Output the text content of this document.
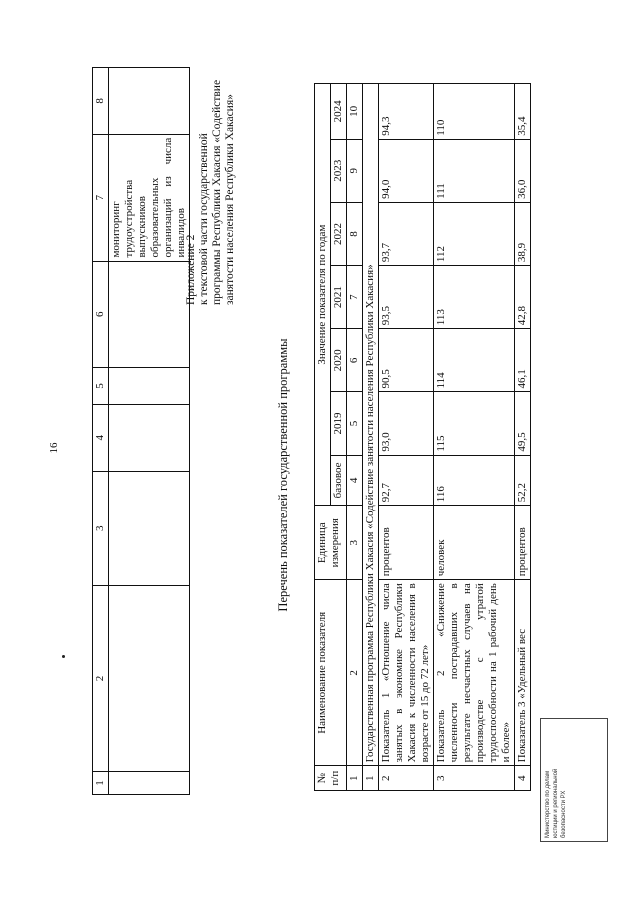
16
1	2	3	4	5	6	7	8
						мониторинг трудоустройства выпускников образовательных организаций из числа инвалидов	
Приложение 2 к текстовой части государственной программы Республики Хакасия «Содействие занятости населения Республики Хакасия»
Перечень показателей государственной программы
№ п/п	Наименование показателя	Единица измерения	Значение показателя по годам						
			базовое	2019	2020	2021	2022	2023	2024
1	2	3	4	5	6	7	8	9	10
1	Государственная программа Республики Хакасия «Содействие занятости населения Республики Хакасия»								
2	Показатель 1 «Отношение числа занятых в экономике Республики Хакасия к численности населения в возрасте от 15 до 72 лет»	процентов	92,7	93,0	90,5	93,5	93,7	94,0	94,3
3	Показатель 2 «Снижение численности пострадавших в результате несчастных случаев на производстве с утратой трудоспособности на 1 рабочий день и более»	человек	116	115	114	113	112	111	110
4	Показатель 3 «Удельный вес	процентов	52,2	49,5	46,1	42,8	38,9	36,0	35,4
Министерство по делам юстиции и региональной безопасности РХ
